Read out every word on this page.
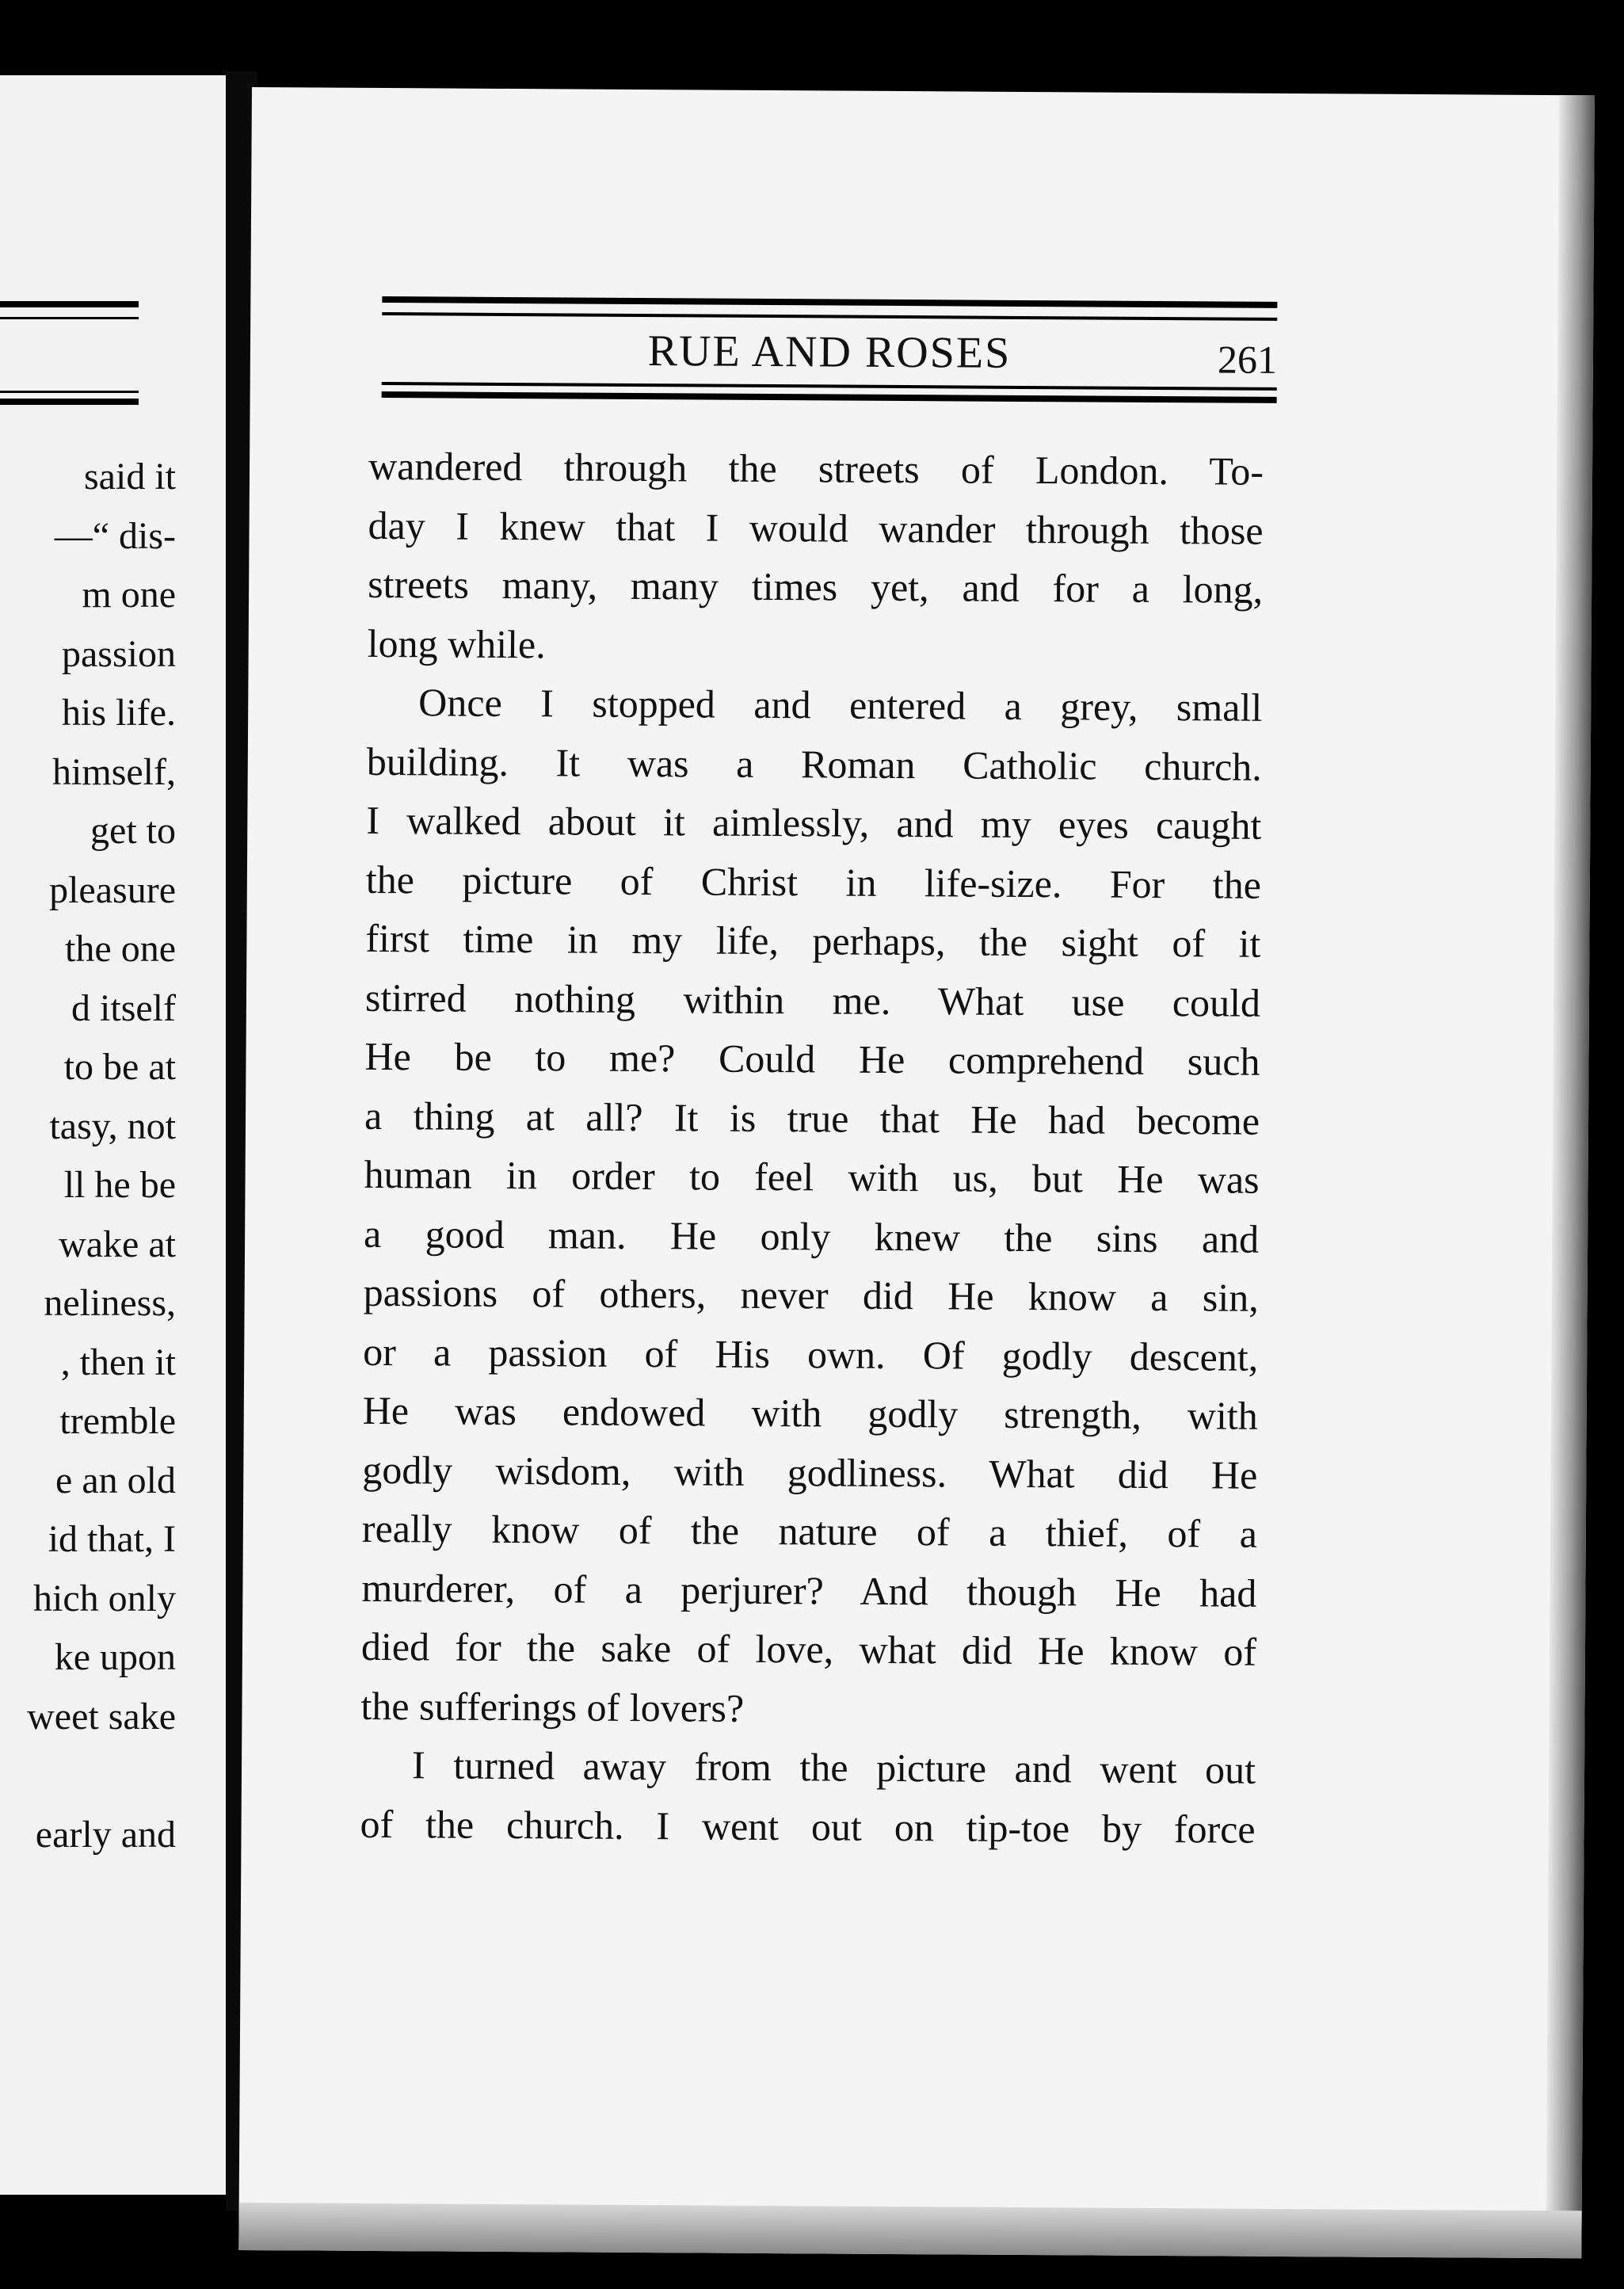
said it
—“ dis-
m one
passion
his life.
himself,
get to
pleasure
the one
d itself
to be at
tasy, not
ll he be
wake at
neliness,
, then it
tremble
e an old
id that, I
hich only
ke upon
weet sake
early and
RUE AND ROSES	261
wandered through the streets of London. To-
day I knew that I would wander through those
streets many, many times yet, and for a long,
long while.
Once I stopped and entered a grey, small
building. It was a Roman Catholic church.
I walked about it aimlessly, and my eyes caught
the picture of Christ in life-size. For the
first time in my life, perhaps, the sight of it
stirred nothing within me. What use could
He be to me? Could He comprehend such
a thing at all? It is true that He had become
human in order to feel with us, but He was
a good man. He only knew the sins and
passions of others, never did He know a sin,
or a passion of His own. Of godly descent,
He was endowed with godly strength, with
godly wisdom, with godliness. What did He
really know of the nature of a thief, of a
murderer, of a perjurer? And though He had
died for the sake of love, what did He know of
the sufferings of lovers?
I turned away from the picture and went out
of the church. I went out on tip-toe by force
